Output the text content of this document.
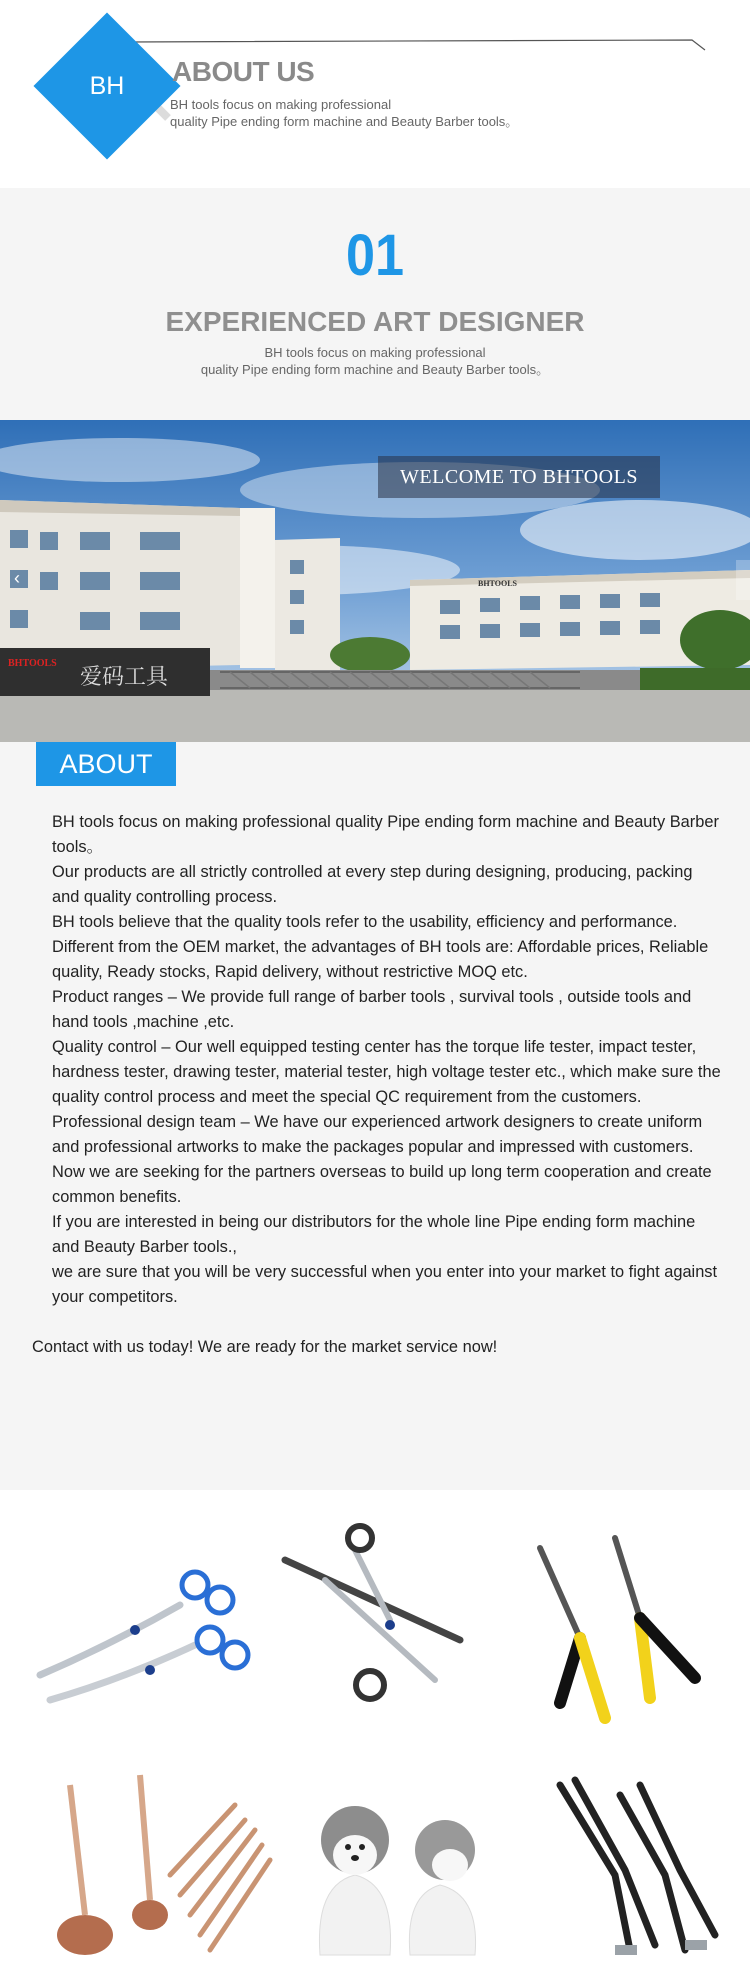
BH	ABOUT US
BH tools focus on making professional
quality Pipe ending form machine and Beauty Barber tools。
01
EXPERIENCED ART DESIGNER
BH tools focus on making professional
quality Pipe ending form machine and Beauty Barber tools。
BHTOOLS
BHTOOLS
爱码工具
WELCOME TO BHTOOLS
‹
ABOUT

BH tools focus on making professional quality Pipe ending form machine and Beauty Barber tools。

Our products are all strictly controlled at every step during designing, producing, packing and quality controlling process.

BH tools believe that the quality tools refer to the usability, efficiency and performance. Different from the OEM market, the advantages of BH tools are: Affordable prices, Reliable quality, Ready stocks, Rapid delivery, without restrictive MOQ etc.

Product ranges – We provide full range of barber tools , survival tools , outside tools and hand tools ,machine ,etc.

Quality control – Our well equipped testing center has the torque life tester, impact tester, hardness tester, drawing tester, material tester, high voltage tester etc., which make sure the quality control process and meet the special QC requirement from the customers.

Professional design team – We have our experienced artwork designers to create uniform and professional artworks to make the packages popular and impressed with customers.

Now we are seeking for the partners overseas to build up long term cooperation and create common benefits.

If you are interested in being our distributors for the whole line Pipe ending form machine and Beauty Barber tools.,

we are sure that you will be very successful when you enter into your market to fight against your competitors.

Contact with us today! We are ready for the market service now!
